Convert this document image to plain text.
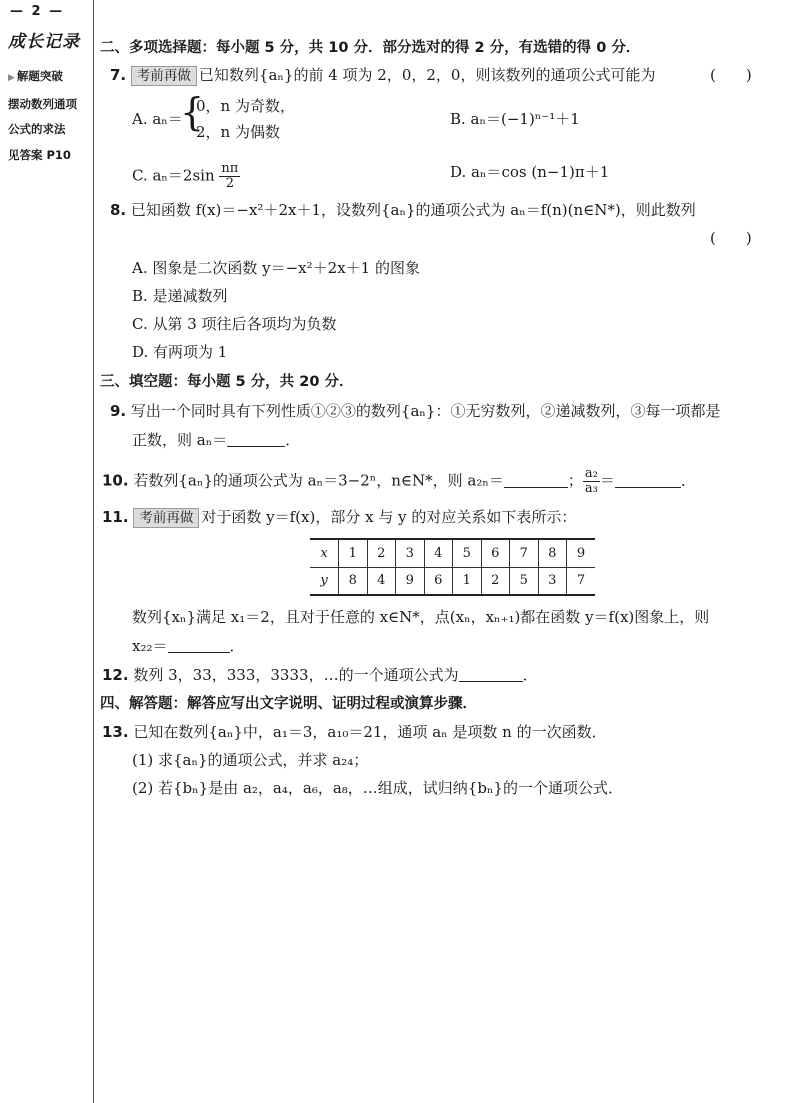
— 2 —
成长记录
▶ 解题突破
摆动数列通项
公式的求法
见答案 P10
二、多项选择题：每小题 5 分，共 10 分．部分选对的得 2 分，有选错的得 0 分．
7. 考前再做 已知数列{aₙ}的前 4 项为 2，0，2，0，则该数列的通项公式可能为	(　　)
A. aₙ＝
{
0，n 为奇数，
2，n 为偶数
B. aₙ＝(−1)ⁿ⁻¹＋1
C. $a_n=2\sin \frac{n\pi}{2}$	D. aₙ＝cos (n−1)π＋1
8. 已知函数 f(x)＝−x²＋2x＋1，设数列{aₙ}的通项公式为 aₙ＝f(n)(n∈N*)，则此数列
(　　)
A. 图象是二次函数 y＝−x²＋2x＋1 的图象
B. 是递减数列
C. 从第 3 项往后各项均为负数
D. 有两项为 1
三、填空题：每小题 5 分，共 20 分．
9. 写出一个同时具有下列性质①②③的数列{aₙ}：①无穷数列，②递减数列，③每一项都是
正数，则 aₙ＝	．
10. 若数列{aₙ}的通项公式为 aₙ＝3−2ⁿ，n∈N*，则 a₂ₙ＝	； $\frac{\text{a₂}}{\text{a₃}}$ ＝	．
11. 考前再做 对于函数 y＝f(x)，部分 x 与 y 的对应关系如下表所示：
x	1	2	3	4	5	6	7	8	9
y	8	4	9	6	1	2	5	3	7
数列{xₙ}满足 x₁＝2，且对于任意的 x∈N*，点(xₙ，xₙ₊₁)都在函数 y＝f(x)图象上，则
x₂₂＝	．
12. 数列 3，33，333，3333，…的一个通项公式为	．
四、解答题：解答应写出文字说明、证明过程或演算步骤．
13. 已知在数列{aₙ}中，a₁＝3，a₁₀＝21，通项 aₙ 是项数 n 的一次函数．
(1) 求{aₙ}的通项公式，并求 a₂₄；
(2) 若{bₙ}是由 a₂，a₄，a₆，a₈，…组成，试归纳{bₙ}的一个通项公式．
